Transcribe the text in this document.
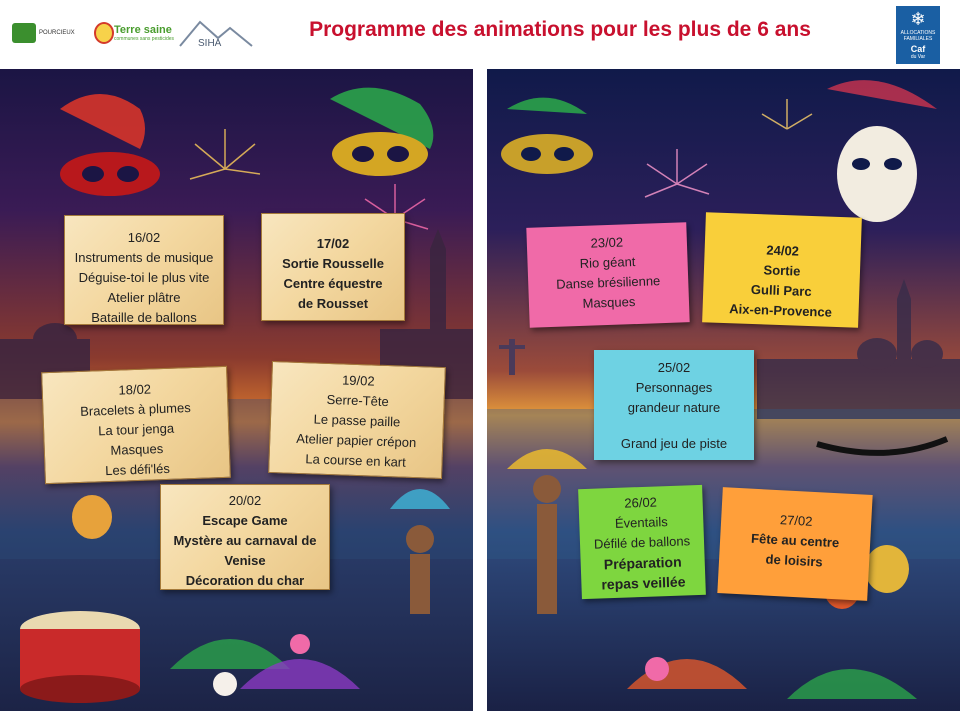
POURCIEUX	Terre saine
communes sans pesticides SIHA
Programme des animations pour les plus de 6 ans	❄
ALLOCATIONS FAMILIALES
Caf
du Var
16/02
Instruments de musique
Déguise-toi le plus vite
Atelier plâtre
Bataille de ballons
17/02
Sortie Rousselle
Centre équestre
de Rousset
18/02
Bracelets à plumes
La tour jenga
Masques
Les défi'lés
19/02
Serre-Tête
Le passe paille
Atelier papier crépon
La course en kart
20/02
Escape Game
Mystère au carnaval de
Venise
Décoration du char
23/02
Rio géant
Danse brésilienne
Masques
24/02
Sortie
Gulli Parc
Aix-en-Provence
25/02
Personnages
grandeur nature
Grand jeu de piste
26/02
Éventails
Défilé de ballons
Préparation
repas veillée
27/02
Fête au centre
de loisirs
